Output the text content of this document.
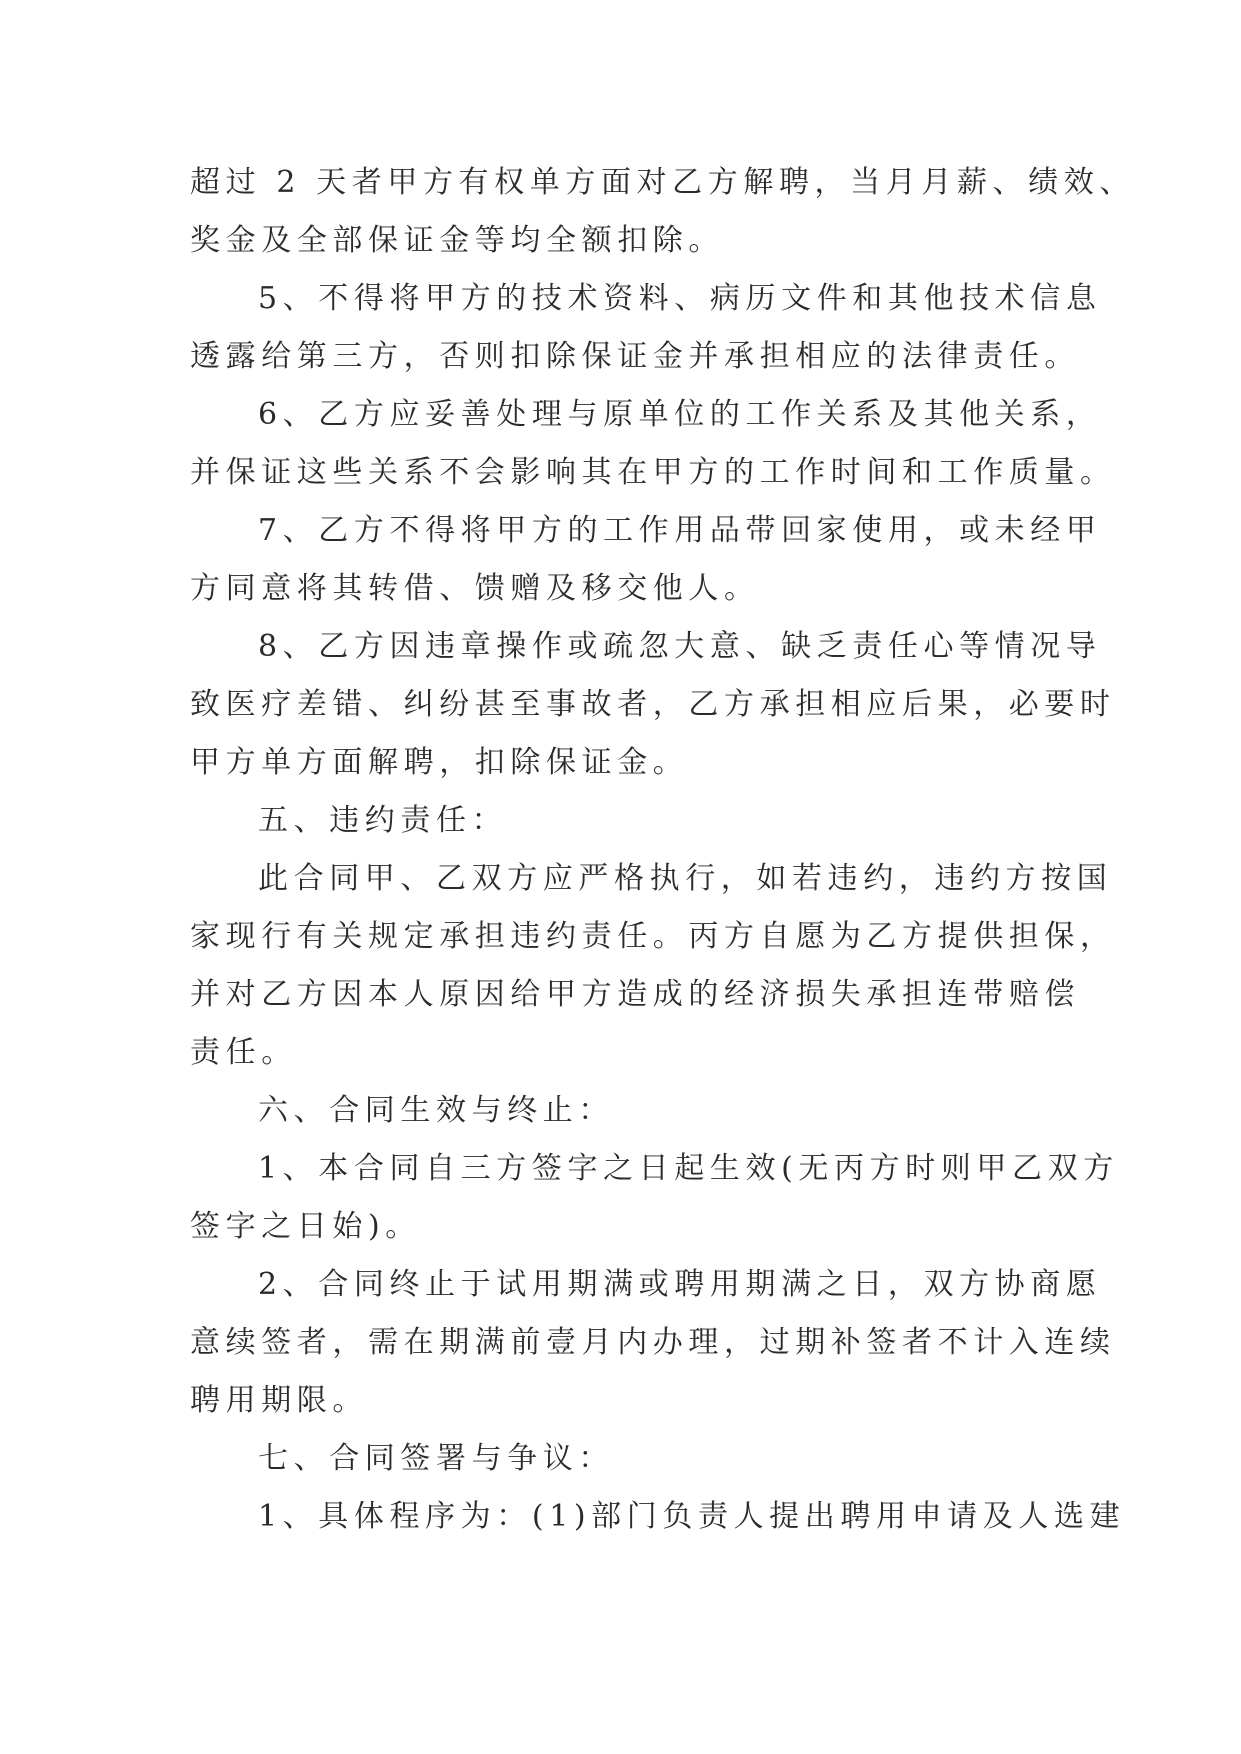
超过 2 天者甲方有权单方面对乙方解聘，当月月薪、绩效、
奖金及全部保证金等均全额扣除。
5、不得将甲方的技术资料、病历文件和其他技术信息
透露给第三方，否则扣除保证金并承担相应的法律责任。
6、乙方应妥善处理与原单位的工作关系及其他关系，
并保证这些关系不会影响其在甲方的工作时间和工作质量。
7、乙方不得将甲方的工作用品带回家使用，或未经甲
方同意将其转借、馈赠及移交他人。
8、乙方因违章操作或疏忽大意、缺乏责任心等情况导
致医疗差错、纠纷甚至事故者，乙方承担相应后果，必要时
甲方单方面解聘，扣除保证金。
五、违约责任：
此合同甲、乙双方应严格执行，如若违约，违约方按国
家现行有关规定承担违约责任。丙方自愿为乙方提供担保，
并对乙方因本人原因给甲方造成的经济损失承担连带赔偿
责任。
六、合同生效与终止：
1、本合同自三方签字之日起生效(无丙方时则甲乙双方
签字之日始)。
2、合同终止于试用期满或聘用期满之日，双方协商愿
意续签者，需在期满前壹月内办理，过期补签者不计入连续
聘用期限。
七、合同签署与争议：
1、具体程序为：(1)部门负责人提出聘用申请及人选建
